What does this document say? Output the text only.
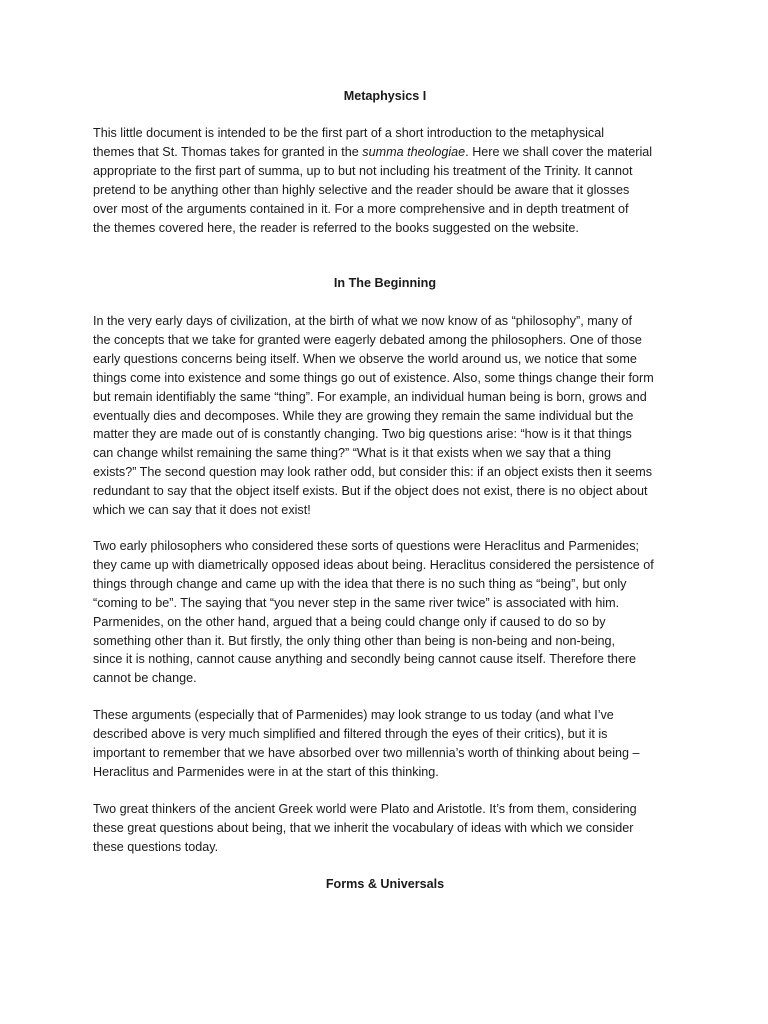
Metaphysics I
This little document is intended to be the first part of a short introduction to the metaphysical
themes that St. Thomas takes for granted in the summa theologiae. Here we shall cover the material
appropriate to the first part of summa, up to but not including his treatment of the Trinity. It cannot
pretend to be anything other than highly selective and the reader should be aware that it glosses
over most of the arguments contained in it. For a more comprehensive and in depth treatment of
the themes covered here, the reader is referred to the books suggested on the website.
In The Beginning
In the very early days of civilization, at the birth of what we now know of as “philosophy”, many of
the concepts that we take for granted were eagerly debated among the philosophers. One of those
early questions concerns being itself. When we observe the world around us, we notice that some
things come into existence and some things go out of existence. Also, some things change their form
but remain identifiably the same “thing”. For example, an individual human being is born, grows and
eventually dies and decomposes. While they are growing they remain the same individual but the
matter they are made out of is constantly changing. Two big questions arise: “how is it that things
can change whilst remaining the same thing?” “What is it that exists when we say that a thing
exists?” The second question may look rather odd, but consider this: if an object exists then it seems
redundant to say that the object itself exists. But if the object does not exist, there is no object about
which we can say that it does not exist!
Two early philosophers who considered these sorts of questions were Heraclitus and Parmenides;
they came up with diametrically opposed ideas about being. Heraclitus considered the persistence of
things through change and came up with the idea that there is no such thing as “being”, but only
“coming to be”. The saying that “you never step in the same river twice” is associated with him.
Parmenides, on the other hand, argued that a being could change only if caused to do so by
something other than it. But firstly, the only thing other than being is non-being and non-being,
since it is nothing, cannot cause anything and secondly being cannot cause itself. Therefore there
cannot be change.
These arguments (especially that of Parmenides) may look strange to us today (and what I’ve
described above is very much simplified and filtered through the eyes of their critics), but it is
important to remember that we have absorbed over two millennia’s worth of thinking about being –
Heraclitus and Parmenides were in at the start of this thinking.
Two great thinkers of the ancient Greek world were Plato and Aristotle. It’s from them, considering
these great questions about being, that we inherit the vocabulary of ideas with which we consider
these questions today.
Forms & Universals
